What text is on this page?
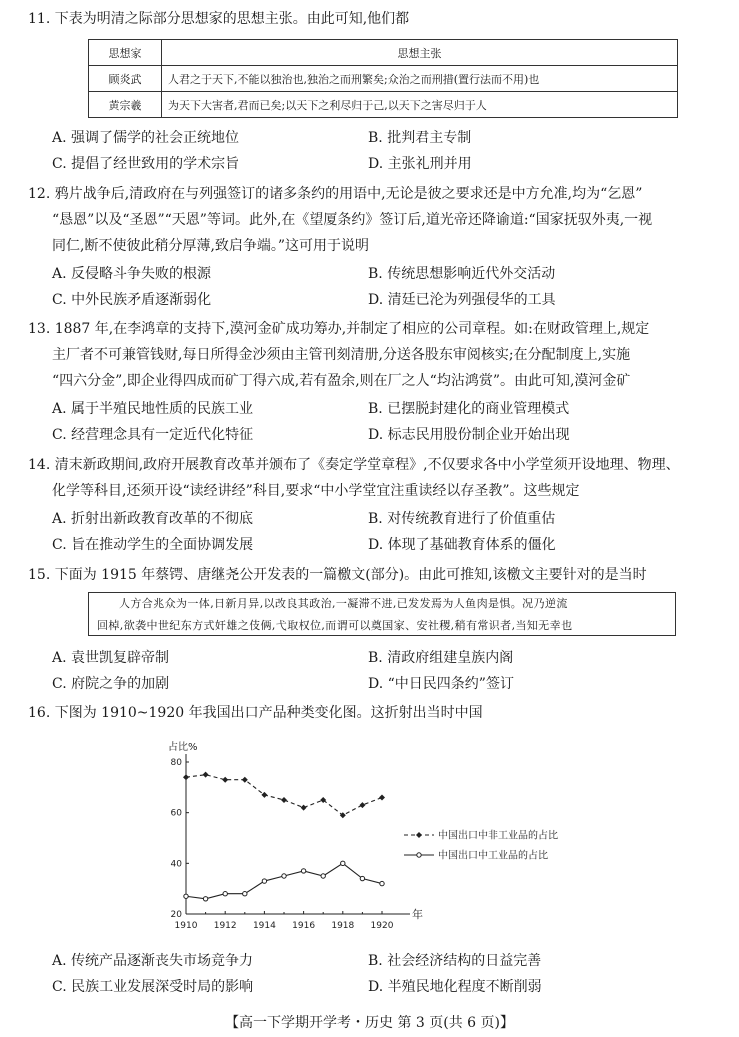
11. 下表为明清之际部分思想家的思想主张。由此可知,他们都

思想家	思想主张
顾炎武	人君之于天下,不能以独治也,独治之而刑繁矣;众治之而刑措(置行法而不用)也
黄宗羲	为天下大害者,君而已矣;以天下之利尽归于己,以天下之害尽归于人
A. 强调了儒学的社会正统地位	B. 批判君主专制
C. 提倡了经世致用的学术宗旨	D. 主张礼刑并用
12. 鸦片战争后,清政府在与列强签订的诸多条约的用语中,无论是彼之要求还是中方允准,均为“乞恩”
“恳恩”以及“圣恩”“天恩”等词。此外,在《望厦条约》签订后,道光帝还降谕道:“国家抚驭外夷,一视
同仁,断不使彼此稍分厚薄,致启争端。”这可用于说明
A. 反侵略斗争失败的根源	B. 传统思想影响近代外交活动
C. 中外民族矛盾逐渐弱化	D. 清廷已沦为列强侵华的工具
13. 1887 年,在李鸿章的支持下,漠河金矿成功筹办,并制定了相应的公司章程。如:在财政管理上,规定
主厂者不可兼管钱财,每日所得金沙须由主管刊刻清册,分送各股东审阅核实;在分配制度上,实施
“四六分金”,即企业得四成而矿丁得六成,若有盈余,则在厂之人“均沾鸿赏”。由此可知,漠河金矿
A. 属于半殖民地性质的民族工业	B. 已摆脱封建化的商业管理模式
C. 经营理念具有一定近代化特征	D. 标志民用股份制企业开始出现
14. 清末新政期间,政府开展教育改革并颁布了《奏定学堂章程》,不仅要求各中小学堂须开设地理、物理、
化学等科目,还须开设“读经讲经”科目,要求“中小学堂宜注重读经以存圣教”。这些规定
A. 折射出新政教育改革的不彻底	B. 对传统教育进行了价值重估
C. 旨在推动学生的全面协调发展	D. 体现了基础教育体系的僵化

15. 下面为 1915 年蔡锷、唐继尧公开发表的一篇檄文(部分)。由此可推知,该檄文主要针对的是当时

人方合兆众为一体,日新月异,以改良其政治,一凝滞不进,已发发焉为人鱼肉是惧。况乃逆流
回棹,欲袭中世纪东方式奸雄之伎俩,弋取权位,而谓可以奠国家、安社稷,稍有常识者,当知无幸也
A. 袁世凯复辟帝制	B. 清政府组建皇族内阁
C. 府院之争的加剧	D. “中日民四条约”签订

16. 下图为 1910~1920 年我国出口产品种类变化图。这折射出当时中国

占比%
年
1910 1912 1914 1916 1918 1920
20
40
60
80
中国出口中非工业品的占比
中国出口中工业品的占比
A. 传统产品逐渐丧失市场竞争力	B. 社会经济结构的日益完善
C. 民族工业发展深受时局的影响	D. 半殖民地化程度不断削弱
【高一下学期开学考・历史 第 3 页(共 6 页)】
